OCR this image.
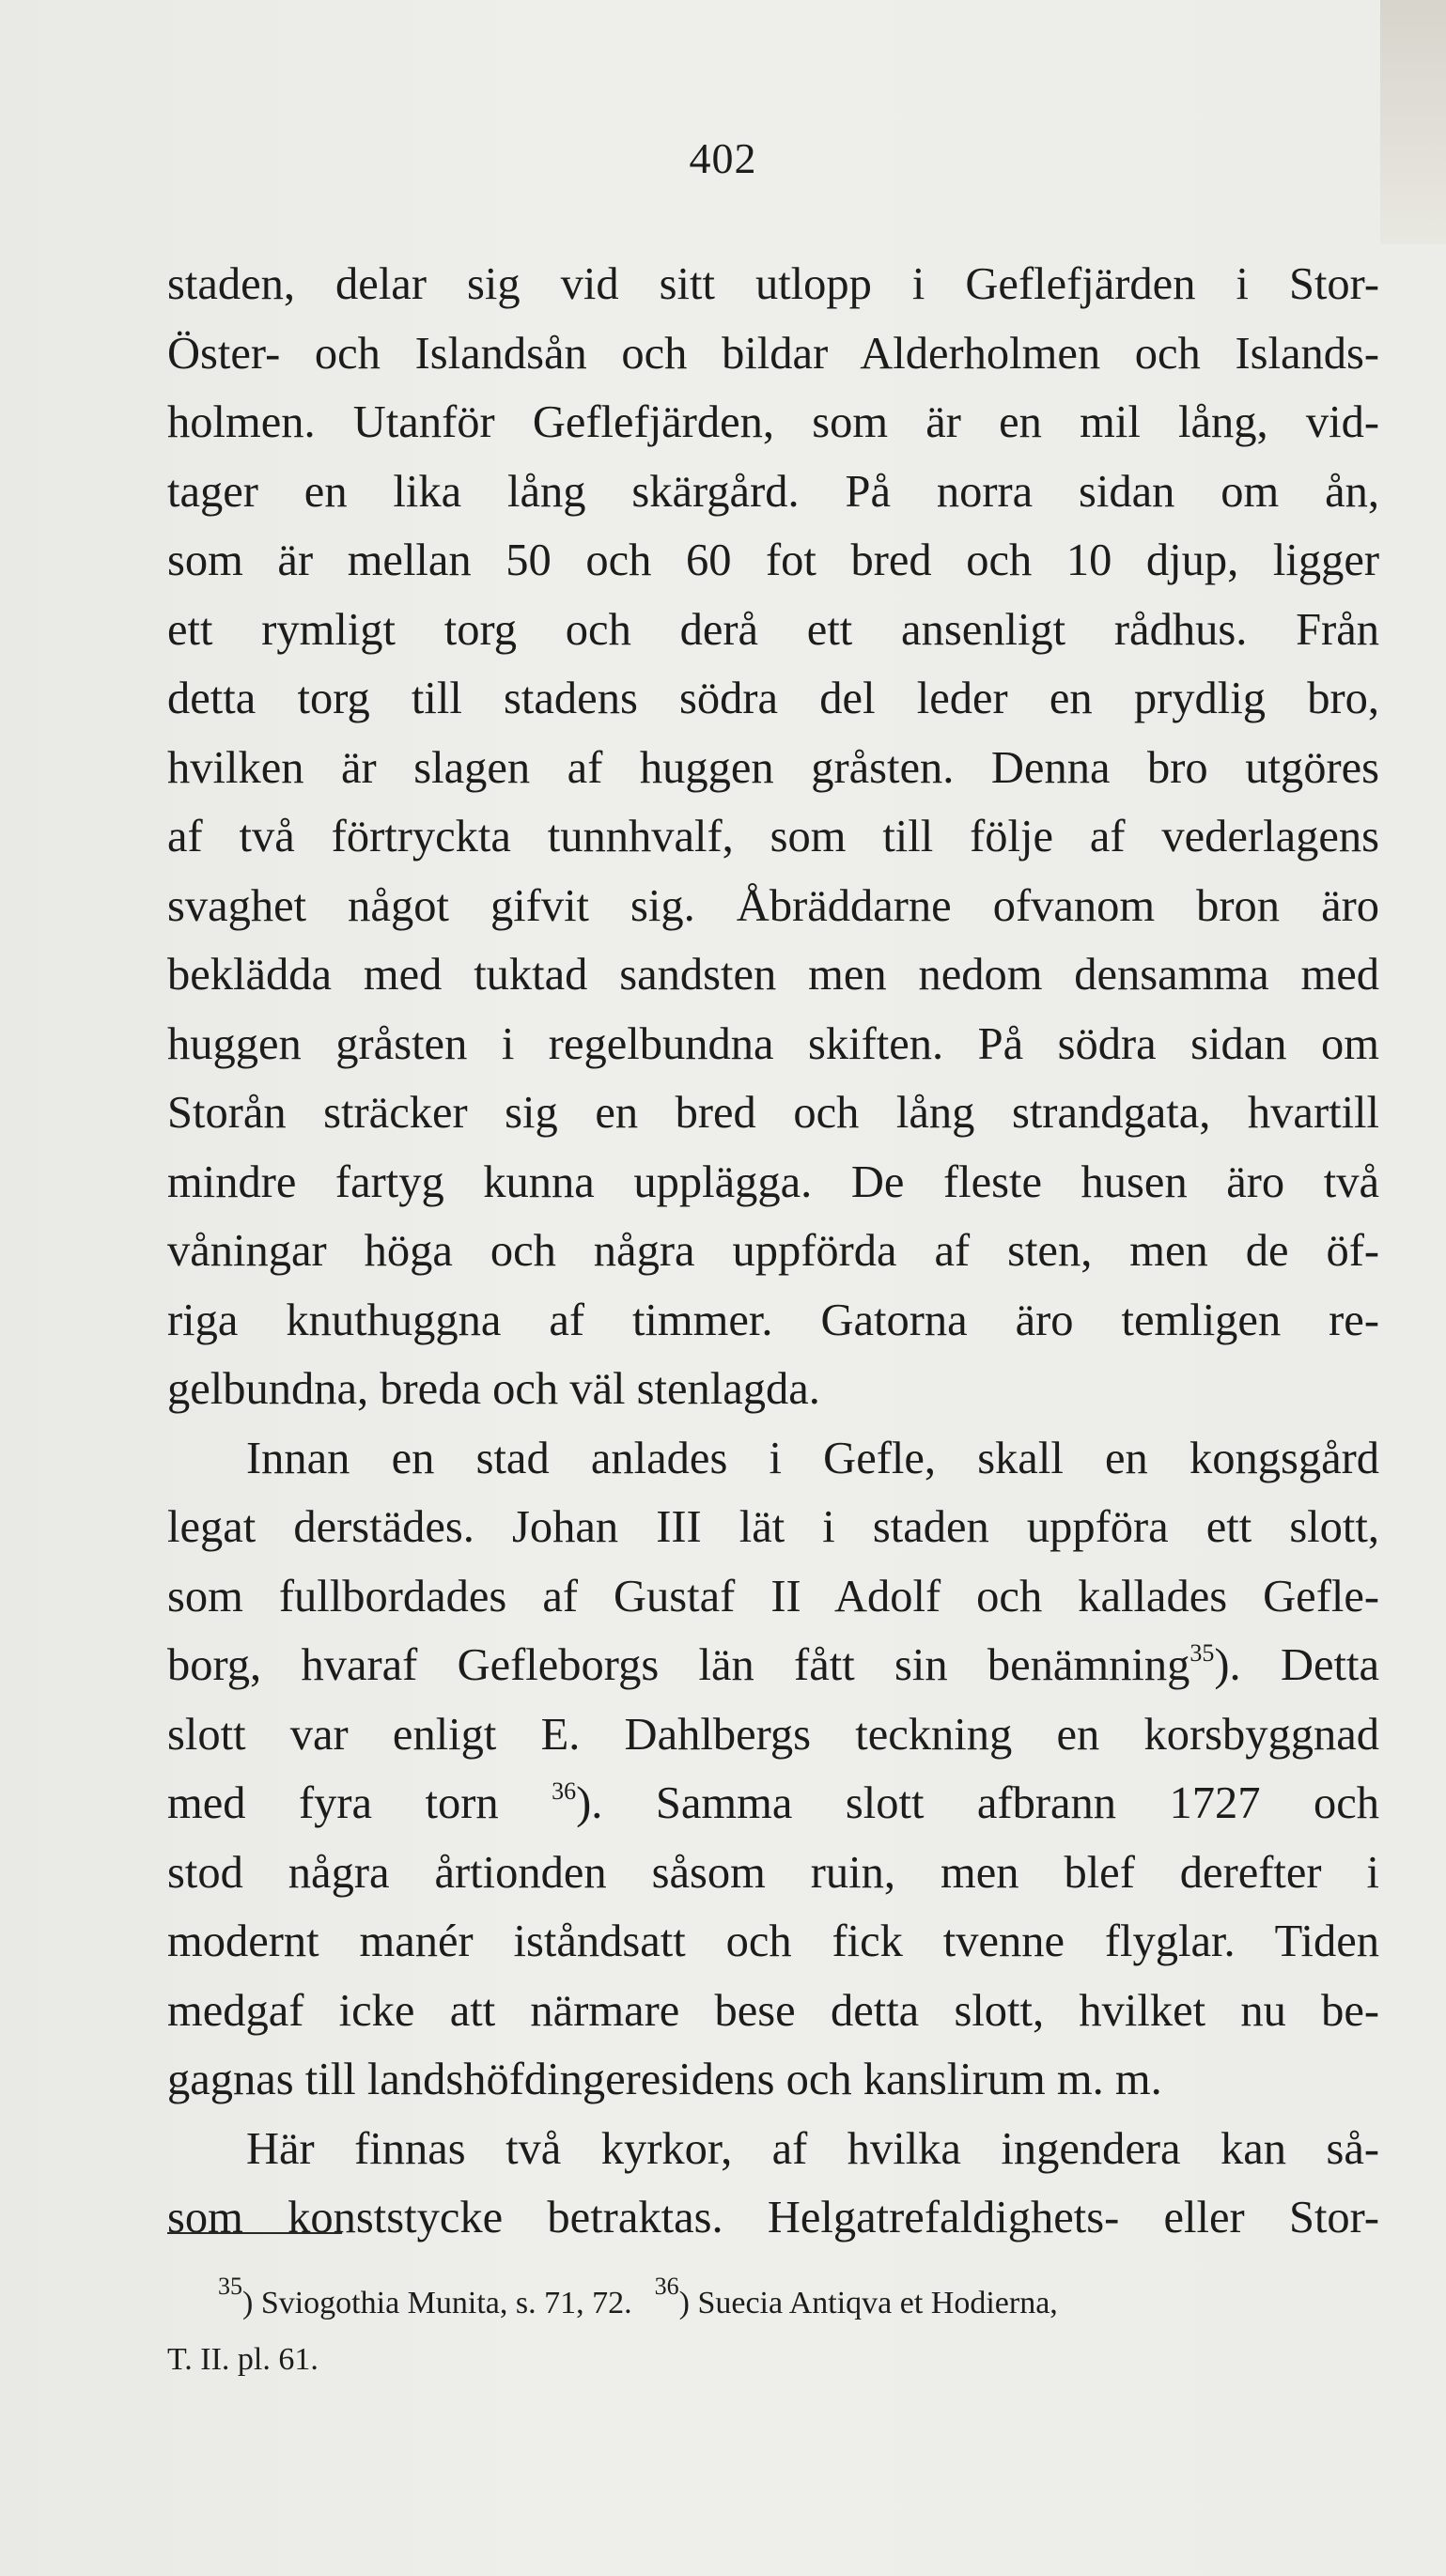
402
staden, delar sig vid sitt utlopp i Geflefjärden i Stor-
Öster- och Islandsån och bildar Alderholmen och Islands-
holmen. Utanför Geflefjärden, som är en mil lång, vid-
tager en lika lång skärgård. På norra sidan om ån,
som är mellan 50 och 60 fot bred och 10 djup, ligger
ett rymligt torg och derå ett ansenligt rådhus. Från
detta torg till stadens södra del leder en prydlig bro,
hvilken är slagen af huggen gråsten. Denna bro utgöres
af två förtryckta tunnhvalf, som till följe af vederlagens
svaghet något gifvit sig. Åbräddarne ofvanom bron äro
beklädda med tuktad sandsten men nedom densamma med
huggen gråsten i regelbundna skiften. På södra sidan om
Storån sträcker sig en bred och lång strandgata, hvartill
mindre fartyg kunna upplägga. De fleste husen äro två
våningar höga och några uppförda af sten, men de öf-
riga knuthuggna af timmer. Gatorna äro temligen re-
gelbundna, breda och väl stenlagda.
Innan en stad anlades i Gefle, skall en kongsgård
legat derstädes. Johan III lät i staden uppföra ett slott,
som fullbordades af Gustaf II Adolf och kallades Gefle-
borg, hvaraf Gefleborgs län fått sin benämning$^{35}$). Detta
slott var enligt E. Dahlbergs teckning en korsbyggnad
med fyra torn $^{36}$). Samma slott afbrann 1727 och
stod några årtionden såsom ruin, men blef derefter i
modernt manér iståndsatt och fick tvenne flyglar. Tiden
medgaf icke att närmare bese detta slott, hvilket nu be-
gagnas till landshöfdingeresidens och kanslirum m. m.
Här finnas två kyrkor, af hvilka ingendera kan så-
som konststycke betraktas. Helgatrefaldighets- eller Stor-
$^{35}$) Sviogothia Munita, s. 71, 72. $^{36}$) Suecia Antiqva et Hodierna,
T. II. pl. 61.
